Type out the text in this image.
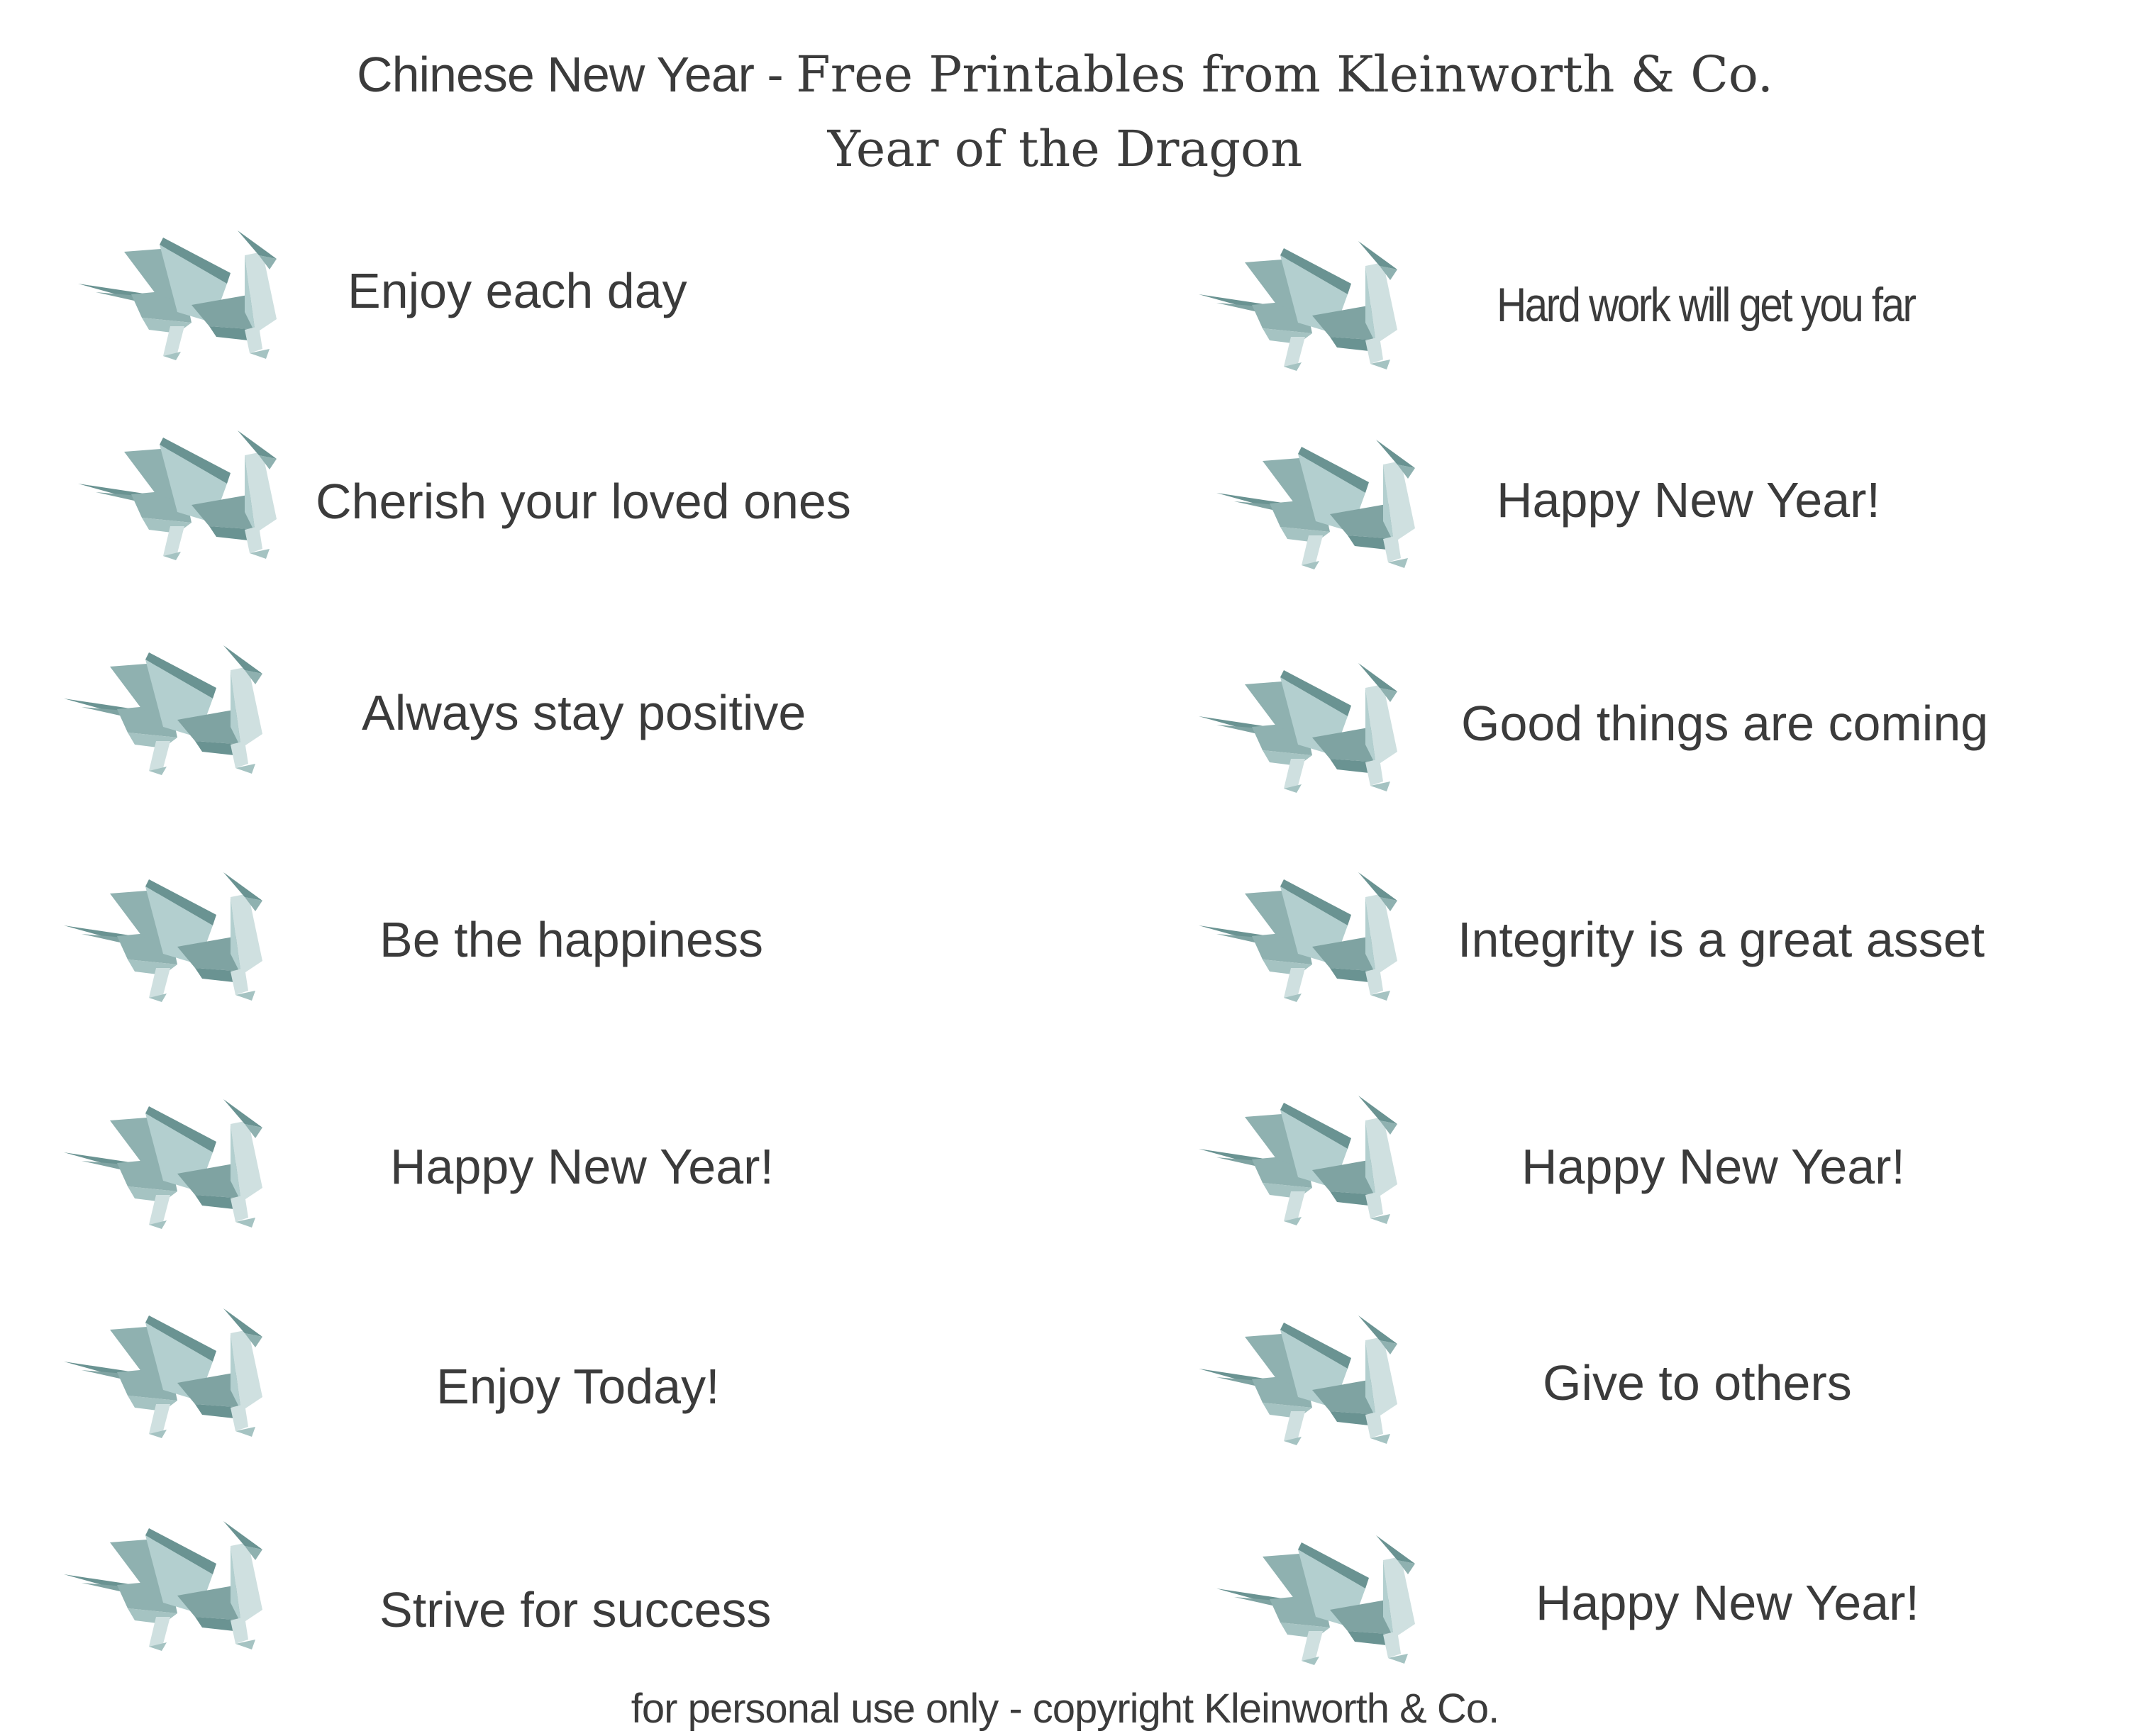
Chinese New Year - Free Printables from Kleinworth & Co.
Year of the Dragon
Enjoy each day
Cherish your loved ones
Always stay positive
Be the happiness
Happy New Year!
Enjoy Today!
Strive for success
Hard work will get you far
Happy New Year!
Good things are coming
Integrity is a great asset
Happy New Year!
Give to others
Happy New Year!
for personal use only - copyright Kleinworth & Co.
